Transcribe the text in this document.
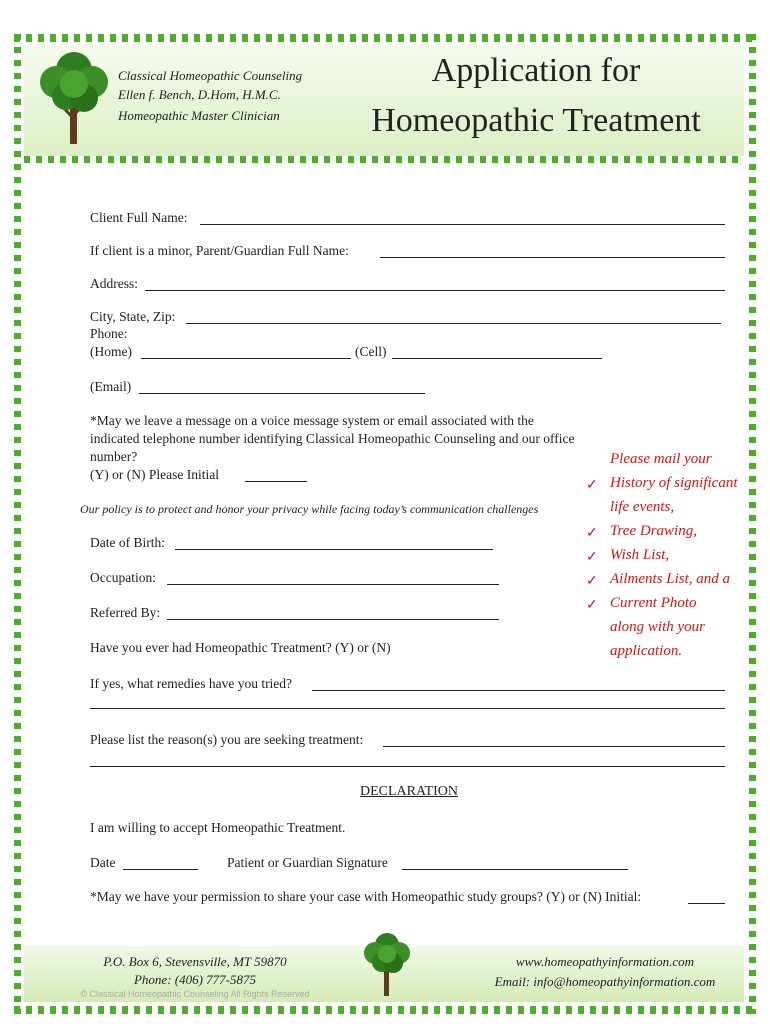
Classical Homeopathic Counseling
Ellen f. Bench, D.Hom, H.M.C.
Homeopathic Master Clinician
Application for
Homeopathic Treatment
Client Full Name:
If client is a minor, Parent/Guardian Full Name:
Address:
City, State, Zip:
Phone:
(Home)	(Cell)
(Email)
*May we leave a message on a voice message system or email associated with the
indicated telephone number identifying Classical Homeopathic Counseling and our office
number?
(Y) or (N) Please Initial
Our policy is to protect and honor your privacy while facing today’s communication challenges
Date of Birth:
Occupation:
Referred By:
Have you ever had Homeopathic Treatment? (Y) or (N)
If yes, what remedies have you tried?
Please list the reason(s) you are seeking treatment:
Please mail your
✓ History of significant
life events,
✓ Tree Drawing,
✓ Wish List,
✓ Ailments List, and a
✓ Current Photo
along with your
application.
DECLARATION
I am willing to accept Homeopathic Treatment.
Date	Patient or Guardian Signature
*May we have your permission to share your case with Homeopathic study groups? (Y) or (N) Initial:
P.O. Box 6, Stevensville, MT 59870
Phone: (406) 777-5875
© Classical Homeopathic Counseling All Rights Reserved
www.homeopathyinformation.com
Email: info@homeopathyinformation.com
